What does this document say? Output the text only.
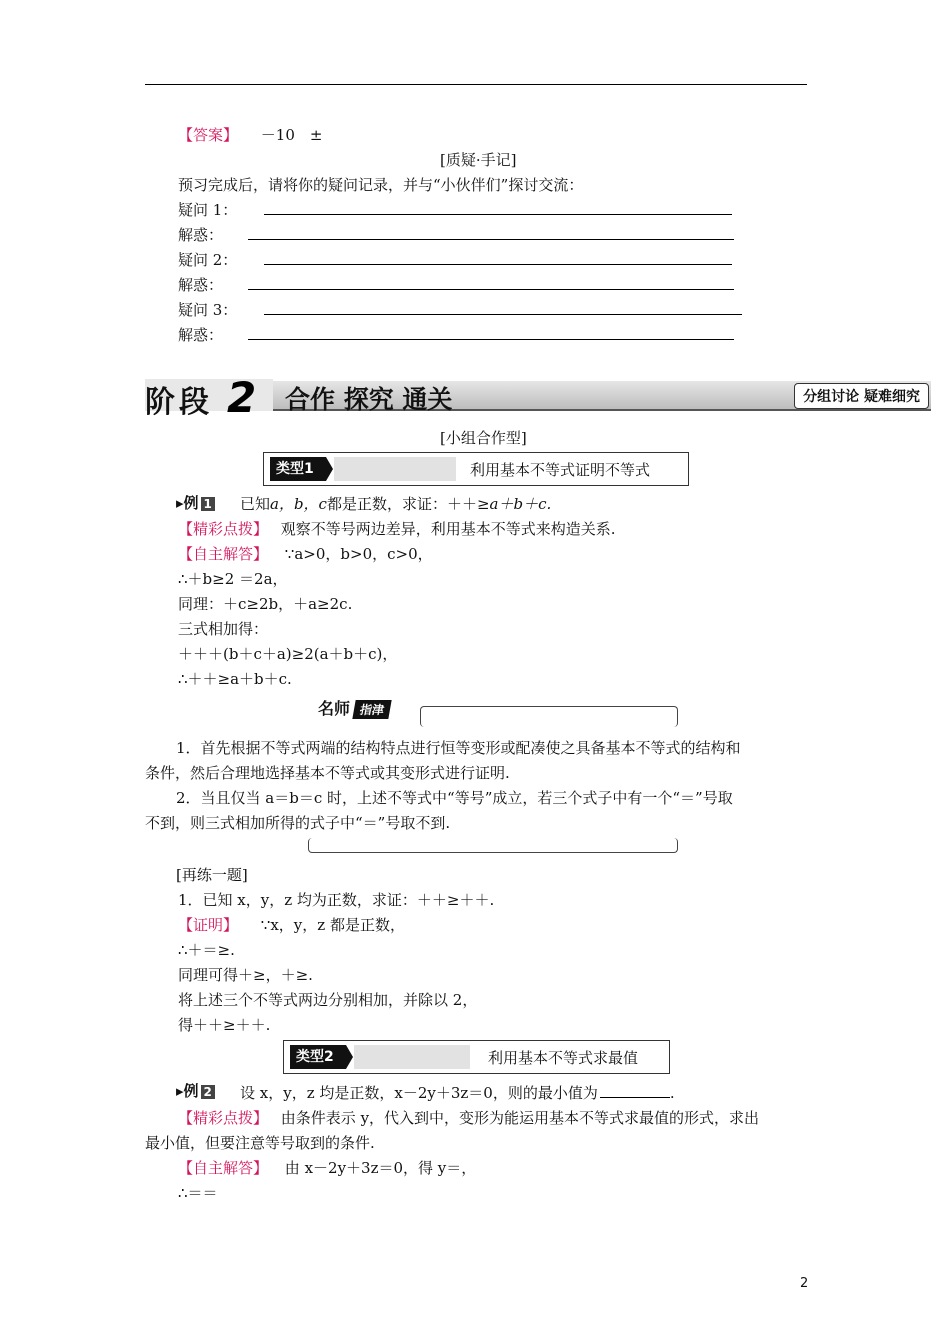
【答案】 －10　±
[质疑·手记]
预习完成后，请将你的疑问记录，并与“小伙伴们”探讨交流：
疑问 1：
解惑：
疑问 2：
解惑：
疑问 3：
解惑：
阶段 2 合作 探究 通关	分组讨论 疑难细究
[小组合作型]
类型1	利用基本不等式证明不等式
▸例 1 已知a，b，c都是正数，求证：＋＋≥a＋b＋c.
【精彩点拨】 观察不等号两边差异，利用基本不等式来构造关系.
【自主解答】 ∵a>0，b>0，c>0，
∴＋b≥2 ＝2a，
同理：＋c≥2b，＋a≥2c.
三式相加得：
＋＋＋(b＋c＋a)≥2(a＋b＋c)，
∴＋＋≥a＋b＋c.
名师 指津
1．首先根据不等式两端的结构特点进行恒等变形或配凑使之具备基本不等式的结构和
条件，然后合理地选择基本不等式或其变形式进行证明.
2．当且仅当 a＝b＝c 时，上述不等式中“等号”成立，若三个式子中有一个“＝”号取
不到，则三式相加所得的式子中“＝”号取不到.
[再练一题]
1．已知 x，y，z 均为正数，求证：＋＋≥＋＋.
【证明】 ∵x，y，z 都是正数，
∴＋＝≥.
同理可得＋≥，＋≥.
将上述三个不等式两边分别相加，并除以 2，
得＋＋≥＋＋.
类型2	利用基本不等式求最值
▸例 2 设 x，y，z 均是正数，x－2y＋3z＝0，则的最小值为	.
【精彩点拨】 由条件表示 y，代入到中，变形为能运用基本不等式求最值的形式，求出
最小值，但要注意等号取到的条件.
【自主解答】 由 x－2y＋3z＝0，得 y＝，
∴＝＝
2
